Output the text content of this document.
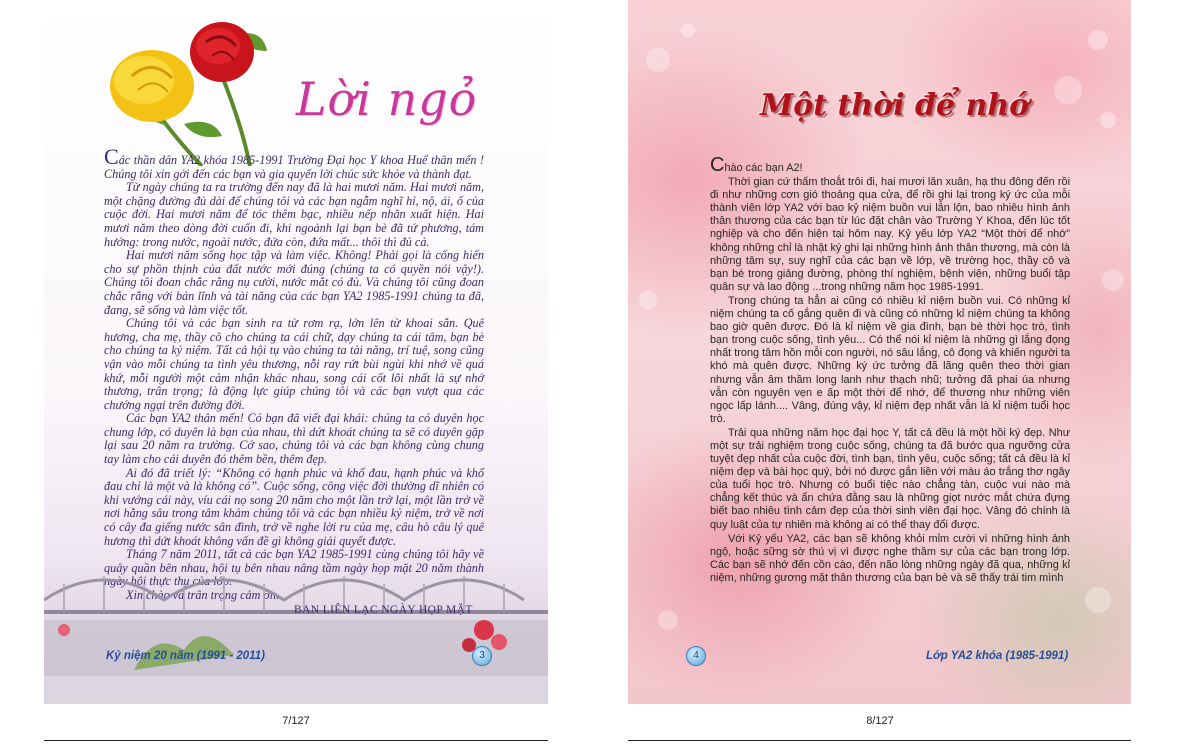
Lời ngỏ

Các thần dân YA2 khóa 1985-1991 Trường Đại học Y khoa Huế thân mến ! Chúng tôi xin gởi đến các bạn và gia quyến lời chúc sức khỏe và thành đạt.

Từ ngày chúng ta ra trường đến nay đã là hai mươi năm. Hai mươi năm, một chặng đường đủ dài để chúng tôi và các bạn ngẫm nghĩ hỉ, nộ, ái, ố của cuộc đời. Hai mươi năm để tóc thêm bạc, nhiều nếp nhăn xuất hiện. Hai mươi năm theo dòng đời cuốn đi, khi ngoảnh lại bạn bè đã tứ phương, tám hướng: trong nước, ngoài nước, đứa còn, đứa mất... thôi thì đủ cả.

Hai mươi năm sống học tập và làm việc. Không! Phải gọi là cống hiến cho sự phồn thịnh của đất nước mới đúng (chúng ta có quyền nói vậy!). Chúng tôi đoan chắc rằng nụ cười, nước mắt có đủ. Và chúng tôi cũng đoan chắc rằng với bản lĩnh và tài năng của các bạn YA2 1985-1991 chúng ta đã, đang, sẽ sống và làm việc tốt.

Chúng tôi và các bạn sinh ra từ rơm rạ, lớn lên từ khoai sắn. Quê hương, cha mẹ, thầy cô cho chúng ta cái chữ, dạy chúng ta cái tâm, bạn bè cho chúng ta kỷ niệm. Tất cả hội tụ vào chúng ta tài năng, trí tuệ, song cũng vận vào mỗi chúng ta tình yêu thương, nỗi ray rứt bùi ngùi khi nhớ về quá khứ, mỗi người một cảm nhận khác nhau, song cái cốt lõi nhất là sự nhớ thương, trân trọng; là động lực giúp chúng tôi và các bạn vượt qua các chướng ngại trên đường đời.

Các bạn YA2 thân mến! Có bạn đã viết đại khái: chúng ta có duyên học chung lớp, có duyên là bạn của nhau, thì dứt khoát chúng ta sẽ có duyên gặp lại sau 20 năm ra trường. Cớ sao, chúng tôi và các bạn không cùng chung tay làm cho cái duyên đó thêm bền, thêm đẹp.

Ai đó đã triết lý: “Không có hạnh phúc và khổ đau, hạnh phúc và khổ đau chỉ là một và là không có”. Cuộc sống, công việc đời thường dĩ nhiên có khi vướng cái này, víu cái nọ song 20 năm cho một lần trở lại, một lần trở về nơi hằng sâu trong tâm khảm chúng tôi và các bạn nhiều kỷ niệm, trở về nơi có cây đa giếng nước sân đình, trở về nghe lời ru của mẹ, câu hò câu lý quê hương thì dứt khoát không vấn đề gì không giải quyết được.

Tháng 7 năm 2011, tất cả các bạn YA2 1985-1991 cùng chúng tôi hãy về quây quần bên nhau, hội tụ bên nhau nâng tầm ngày họp mặt 20 năm thành ngày hội thực thụ của lớp.

Xin chào và trân trọng cảm ơn.

BAN LIÊN LẠC NGÀY HỌP MẶT

Kỷ niệm 20 năm (1991 - 2011)	3
Một thời để nhớ

Chào các bạn A2!

Thời gian cứ thấm thoắt trôi đi, hai mươi lăn xuân, hạ thu đông đến rồi đi như những cơn gió thoảng qua cửa, để rồi ghi lại trong ký ức của mỗi thành viên lớp YA2 với bao kỷ niệm buồn vui lẫn lộn, bao nhiêu hình ảnh thân thương của các bạn từ lúc đặt chân vào Trường Y Khoa, đến lúc tốt nghiệp và cho đến hiện tại hôm nay. Kỷ yếu lớp YA2 “Một thời để nhớ” không những chỉ là nhật ký ghi lại những hình ảnh thân thương, mà còn là những tâm sự, suy nghĩ của các bạn về lớp, về trường học, thầy cô và bạn bè trong giảng đường, phòng thí nghiệm, bệnh viện, những buổi tập quân sự và lao động ...trong những năm học 1985-1991.

Trong chúng ta hẳn ai cũng có nhiều kỉ niệm buồn vui. Có những kỉ niệm chúng ta cố gắng quên đi và cũng có những kỉ niệm chúng ta không bao giờ quên được. Đó là kỉ niệm về gia đình, bạn bè thời học trò, tình bạn trong cuộc sống, tình yêu... Có thể nói kỉ niệm là những gì lắng đọng nhất trong tâm hồn mỗi con người, nó sâu lắng, cô đọng và khiến người ta khó mà quên được. Những ký ức tưởng đã lãng quên theo thời gian nhưng vẫn âm thầm long lanh như thạch nhũ; tưởng đã phai úa nhưng vẫn còn nguyên vẹn e ấp một thời để nhớ, để thương như những viên ngọc lấp lánh.... Vâng, đúng vậy, kỉ niệm đẹp nhất vẫn là kỉ niệm tuổi học trò.

Trải qua những năm học đại học Y, tất cả đều là một hồi ký đẹp. Như một sự trải nghiệm trong cuộc sống, chúng ta đã bước qua ngưỡng cửa tuyệt đẹp nhất của cuộc đời, tình bạn, tình yêu, cuộc sống; tất cả đều là kỉ niệm đẹp và bài học quý, bởi nó được gắn liền với màu áo trắng thơ ngây của tuổi học trò. Nhưng có buổi tiệc nào chẳng tàn, cuộc vui nào mà chẳng kết thúc và ẩn chứa đằng sau là những giọt nước mắt chứa đựng biết bao nhiêu tình cảm đẹp của thời sinh viên đại học. Vâng đó chính là quy luật của tự nhiên mà không ai có thể thay đổi được.

Với Kỷ yếu YA2, các bạn sẽ không khỏi mỉm cười vì những hình ảnh ngộ, hoặc sững sờ thú vị vì được nghe thầm sự của các bạn trong lớp. Các bạn sẽ nhớ đến cồn cào, đến não lòng những ngày đã qua, những kỉ niệm, những gương mặt thân thương của bạn bè và sẽ thấy trái tim mình

4	Lớp YA2 khóa (1985-1991)
7/127	8/127
